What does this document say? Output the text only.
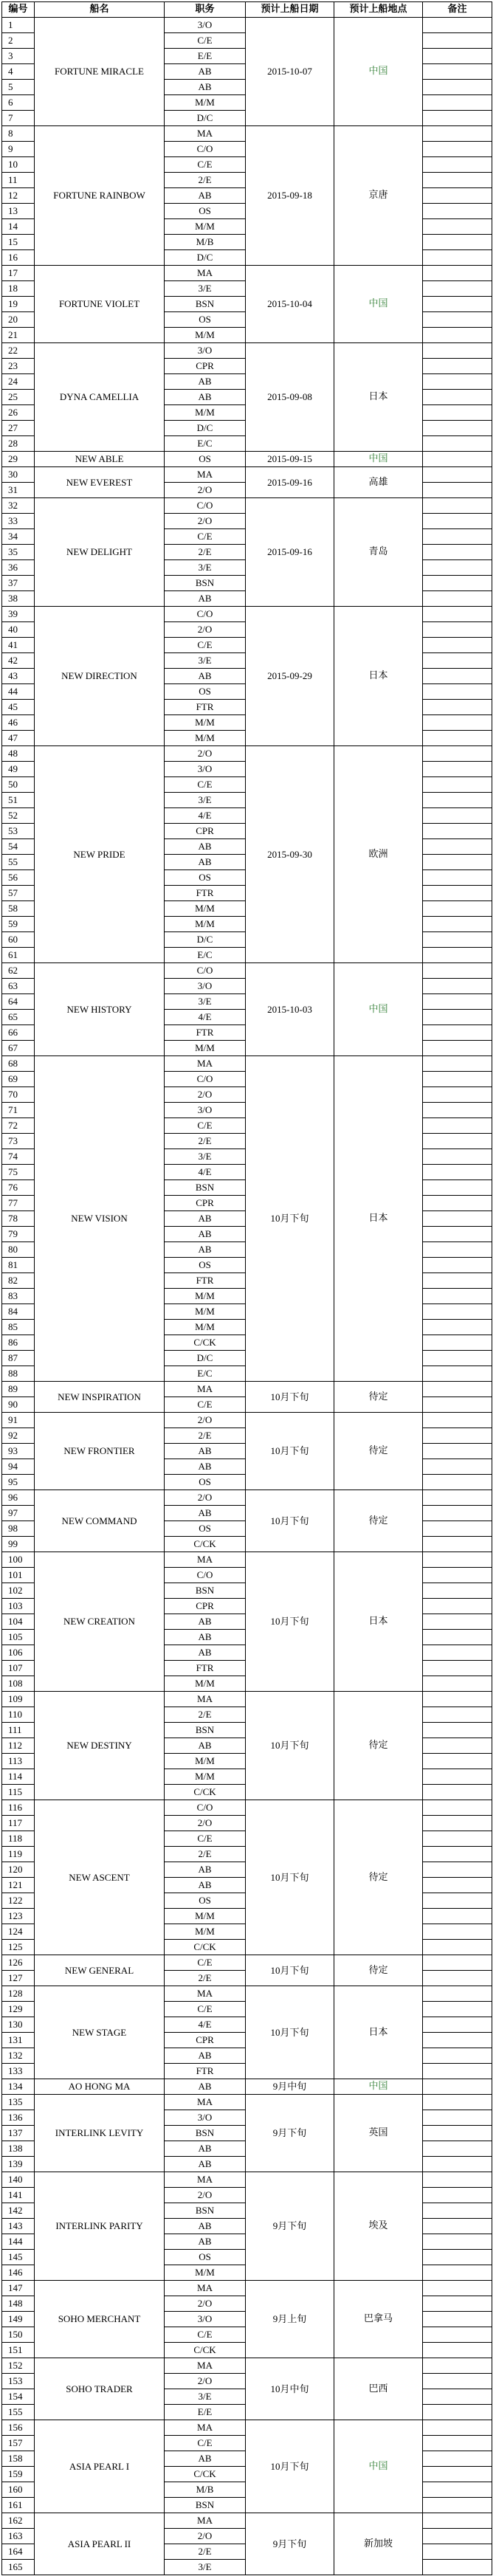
编号	船名	职务	预计上船日期	预计上船地点	备注
1	FORTUNE MIRACLE	3/O	2015-10-07	中国	
2		C/E			
3		E/E			
4		AB			
5		AB			
6		M/M			
7		D/C			
8	FORTUNE RAINBOW	MA	2015-09-18	京唐	
9		C/O			
10		C/E			
11		2/E			
12		AB			
13		OS			
14		M/M			
15		M/B			
16		D/C			
17	FORTUNE VIOLET	MA	2015-10-04	中国	
18		3/E			
19		BSN			
20		OS			
21		M/M			
22	DYNA CAMELLIA	3/O	2015-09-08	日本	
23		CPR			
24		AB			
25		AB			
26		M/M			
27		D/C			
28		E/C			
29	NEW ABLE	OS	2015-09-15	中国	
30	NEW EVEREST	MA	2015-09-16	高雄	
31		2/O			
32	NEW DELIGHT	C/O	2015-09-16	青岛	
33		2/O			
34		C/E			
35		2/E			
36		3/E			
37		BSN			
38		AB			
39	NEW DIRECTION	C/O	2015-09-29	日本	
40		2/O			
41		C/E			
42		3/E			
43		AB			
44		OS			
45		FTR			
46		M/M			
47		M/M			
48	NEW PRIDE	2/O	2015-09-30	欧洲	
49		3/O			
50		C/E			
51		3/E			
52		4/E			
53		CPR			
54		AB			
55		AB			
56		OS			
57		FTR			
58		M/M			
59		M/M			
60		D/C			
61		E/C			
62	NEW HISTORY	C/O	2015-10-03	中国	
63		3/O			
64		3/E			
65		4/E			
66		FTR			
67		M/M			
68	NEW VISION	MA	10月下旬	日本	
69		C/O			
70		2/O			
71		3/O			
72		C/E			
73		2/E			
74		3/E			
75		4/E			
76		BSN			
77		CPR			
78		AB			
79		AB			
80		AB			
81		OS			
82		FTR			
83		M/M			
84		M/M			
85		M/M			
86		C/CK			
87		D/C			
88		E/C			
89	NEW INSPIRATION	MA	10月下旬	待定	
90		C/E			
91	NEW FRONTIER	2/O	10月下旬	待定	
92		2/E			
93		AB			
94		AB			
95		OS			
96	NEW COMMAND	2/O	10月下旬	待定	
97		AB			
98		OS			
99		C/CK			
100	NEW CREATION	MA	10月下旬	日本	
101		C/O			
102		BSN			
103		CPR			
104		AB			
105		AB			
106		AB			
107		FTR			
108		M/M			
109	NEW DESTINY	MA	10月下旬	待定	
110		2/E			
111		BSN			
112		AB			
113		M/M			
114		M/M			
115		C/CK			
116	NEW ASCENT	C/O	10月下旬	待定	
117		2/O			
118		C/E			
119		2/E			
120		AB			
121		AB			
122		OS			
123		M/M			
124		M/M			
125		C/CK			
126	NEW GENERAL	C/E	10月下旬	待定	
127		2/E			
128	NEW STAGE	MA	10月下旬	日本	
129		C/E			
130		4/E			
131		CPR			
132		AB			
133		FTR			
134	AO HONG MA	AB	9月中旬	中国	
135	INTERLINK LEVITY	MA	9月下旬	英国	
136		3/O			
137		BSN			
138		AB			
139		AB			
140	INTERLINK PARITY	MA	9月下旬	埃及	
141		2/O			
142		BSN			
143		AB			
144		AB			
145		OS			
146		M/M			
147	SOHO MERCHANT	MA	9月上旬	巴拿马	
148		2/O			
149		3/O			
150		C/E			
151		C/CK			
152	SOHO TRADER	MA	10月中旬	巴西	
153		2/O			
154		3/E			
155		E/E			
156	ASIA PEARL I	MA	10月下旬	中国	
157		C/E			
158		AB			
159		C/CK			
160		M/B			
161		BSN			
162	ASIA PEARL II	MA	9月下旬	新加坡	
163		2/O			
164		2/E			
165		3/E			
